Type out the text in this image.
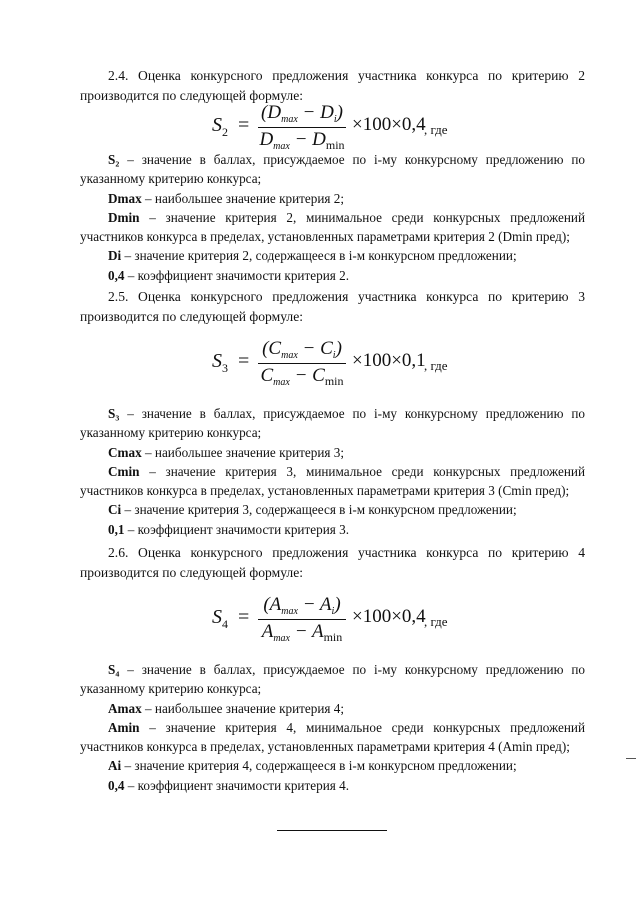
2.4. Оценка конкурсного предложения участника конкурса по критерию 2 производится по следующей формуле:
$S_2$ =
$(D_{max} - D_i)$
$D_{max} - D_{min}$
×100×0,4
, где

S₂ – значение в баллах, присуждаемое по i-му конкурсному предложению по указанному критерию конкурса;

Dmax – наибольшее значение критерия 2;

Dmin – значение критерия 2, минимальное среди конкурсных предложений участников конкурса в пределах, установленных параметрами критерия 2 (Dmin пред);

Di – значение критерия 2, содержащееся в i-м конкурсном предложении;

0,4 – коэффициент значимости критерия 2.

2.5. Оценка конкурсного предложения участника конкурса по критерию 3 производится по следующей формуле:
$S_3$ =
$(C_{max} - C_i)$
$C_{max} - C_{min}$
×100×0,1
, где

S₃ – значение в баллах, присуждаемое по i-му конкурсному предложению по указанному критерию конкурса;

Cmax – наибольшее значение критерия 3;

Cmin – значение критерия 3, минимальное среди конкурсных предложений участников конкурса в пределах, установленных параметрами критерия 3 (Cmin пред);

Ci – значение критерия 3, содержащееся в i-м конкурсном предложении;

0,1 – коэффициент значимости критерия 3.

2.6. Оценка конкурсного предложения участника конкурса по критерию 4 производится по следующей формуле:
$S_4$ =
$(A_{max} - A_i)$
$A_{max} - A_{min}$
×100×0,4
, где

S₄ – значение в баллах, присуждаемое по i-му конкурсному предложению по указанному критерию конкурса;

Amax – наибольшее значение критерия 4;

Amin – значение критерия 4, минимальное среди конкурсных предложений участников конкурса в пределах, установленных параметрами критерия 4 (Amin пред);

Ai – значение критерия 4, содержащееся в i-м конкурсном предложении;

0,4 – коэффициент значимости критерия 4.
